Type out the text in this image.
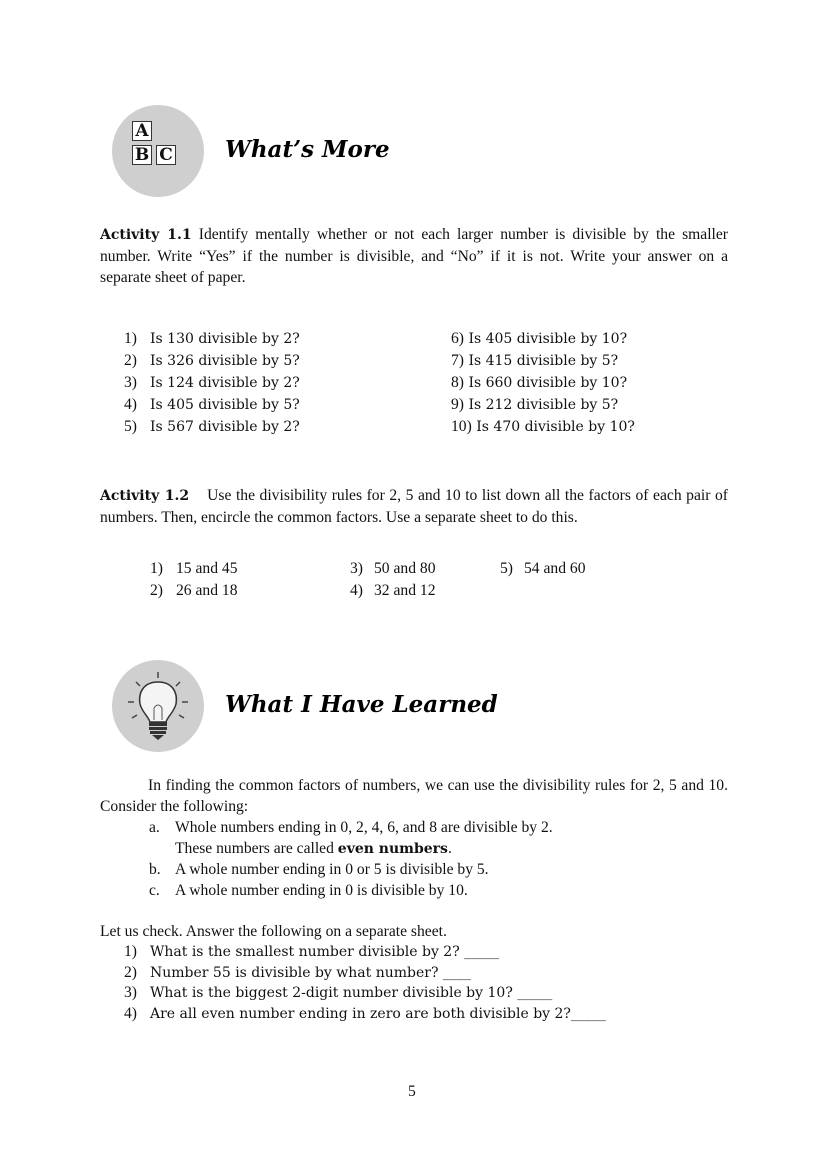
A
B C What’s More
Activity 1.1 Identify mentally whether or not each larger number is divisible by the smaller number. Write “Yes” if the number is divisible, and “No” if it is not. Write your answer on a separate sheet of paper.
1) Is 130 divisible by 2?
2) Is 326 divisible by 5?
3) Is 124 divisible by 2?
4) Is 405 divisible by 5?
5) Is 567 divisible by 2?
6) Is 405 divisible by 10?
7) Is 415 divisible by 5?
8) Is 660 divisible by 10?
9) Is 212 divisible by 5?
10) Is 470 divisible by 10?
Activity 1.2 Use the divisibility rules for 2, 5 and 10 to list down all the factors of each pair of numbers. Then, encircle the common factors. Use a separate sheet to do this.
1) 15 and 45
2) 26 and 18
3) 50 and 80
4) 32 and 12
5) 54 and 60
What I Have Learned
In finding the common factors of numbers, we can use the divisibility rules for 2, 5 and 10. Consider the following:
a. Whole numbers ending in 0, 2, 4, 6, and 8 are divisible by 2.
These numbers are called even numbers.
b. A whole number ending in 0 or 5 is divisible by 5.
c. A whole number ending in 0 is divisible by 10.
Let us check. Answer the following on a separate sheet.
1) What is the smallest number divisible by 2? _____
2) Number 55 is divisible by what number? ____
3) What is the biggest 2-digit number divisible by 10? _____
4) Are all even number ending in zero are both divisible by 2?_____
5
